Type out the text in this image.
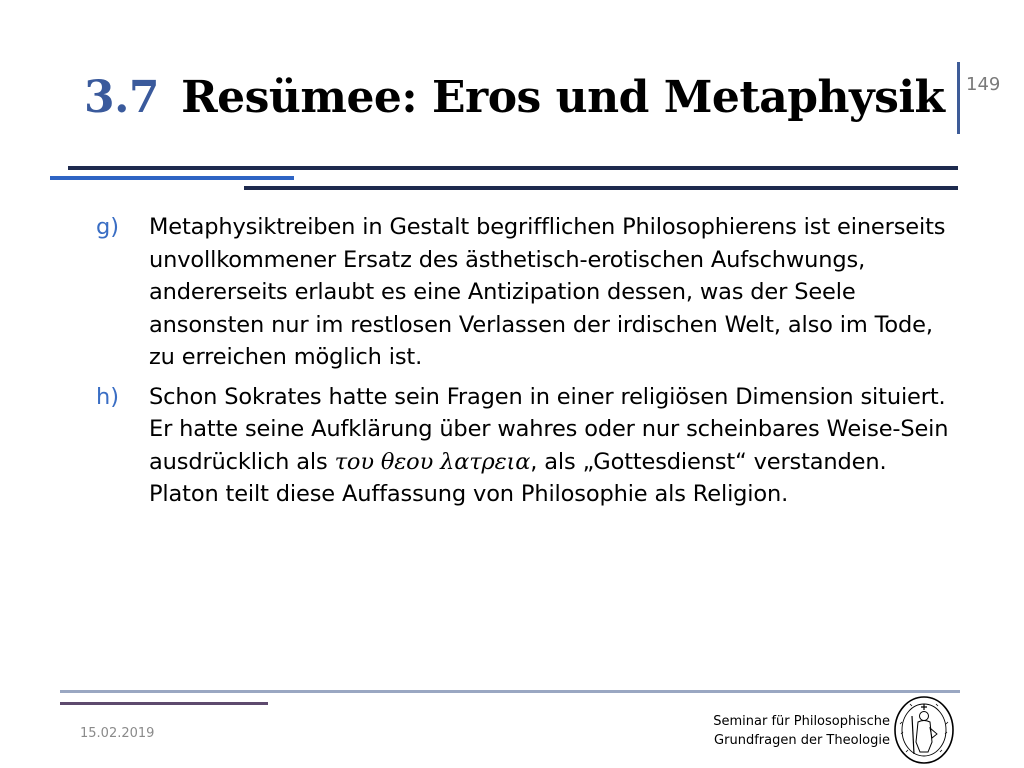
3.7 Resümee: Eros und Metaphysik 149
g)	Metaphysiktreiben in Gestalt begrifflichen Philosophierens ist einerseits unvollkommener Ersatz des ästhetisch-erotischen Aufschwungs, andererseits erlaubt es eine Antizipation dessen, was der Seele ansonsten nur im restlosen Verlassen der irdischen Welt, also im Tode, zu erreichen möglich ist.
h)	Schon Sokrates hatte sein Fragen in einer religiösen Dimension situiert. Er hatte seine Aufklärung über wahres oder nur scheinbares Weise-Sein ausdrücklich als του θεου λατρεια, als „Gottesdienst“ verstanden. Platon teilt diese Auffassung von Philosophie als Religion.
15.02.2019
Seminar für Philosophische
Grundfragen der Theologie
